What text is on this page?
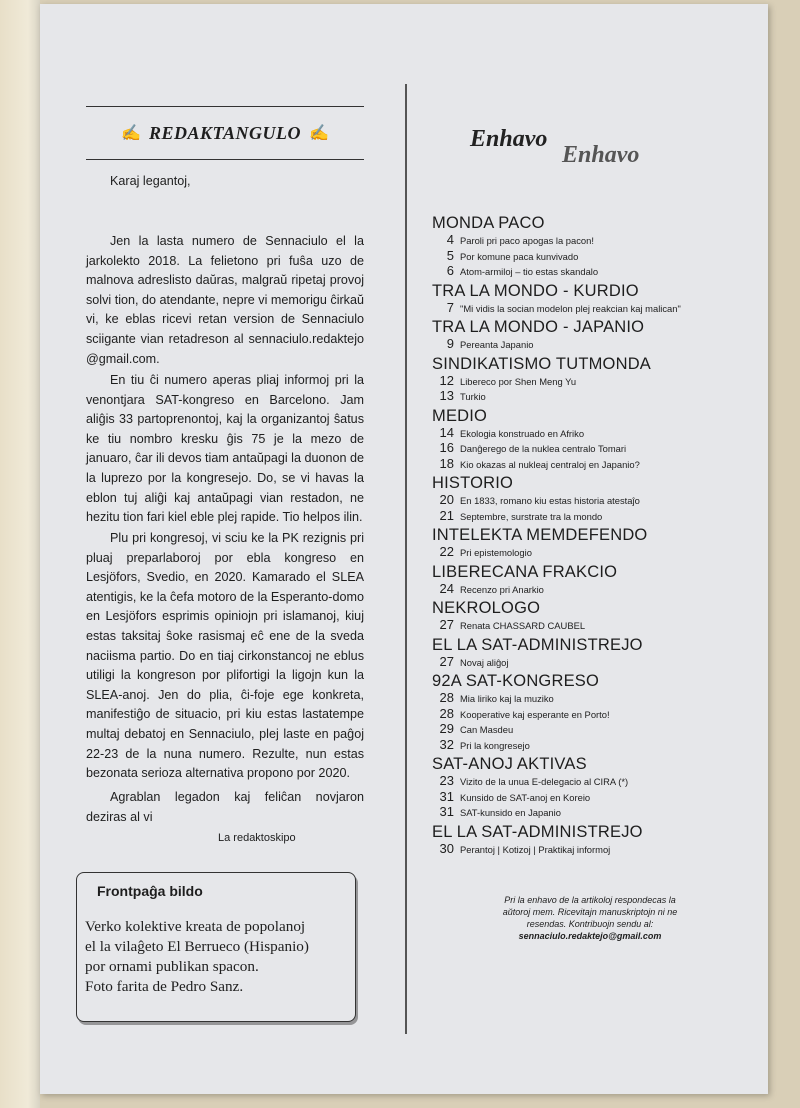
✍ REDAKTANGULO ✍
Karaj legantoj,
Jen la lasta numero de Sennaciulo el la jarkolekto 2018. La felietono pri fuŝa uzo de malnova adreslisto daŭras, malgraŭ ripetaj provoj solvi tion, do atendante, nepre vi memorigu ĉirkaŭ vi, ke eblas ricevi retan version de Sennaciulo sciigante vian retadreson al sennaciulo.redaktejo @gmail.com.
En tiu ĉi numero aperas pliaj informoj pri la venontjara SAT-kongreso en Barcelono. Jam aliĝis 33 partoprenontoj, kaj la organizantoj ŝatus ke tiu nombro kresku ĝis 75 je la mezo de januaro, ĉar ili devos tiam antaŭpagi la duonon de la luprezo por la kongresejo. Do, se vi havas la eblon tuj aliĝi kaj antaŭpagi vian restadon, ne hezitu tion fari kiel eble plej rapide. Tio helpos ilin.
Plu pri kongresoj, vi sciu ke la PK rezignis pri pluaj preparlaboroj por ebla kongreso en Lesjöfors, Svedio, en 2020. Kamarado el SLEA atentigis, ke la ĉefa motoro de la Esperanto-domo en Lesjöfors esprimis opiniojn pri islamanoj, kiuj estas taksitaj ŝoke rasismaj eĉ ene de la sveda naciisma partio. Do en tiaj cirkonstancoj ne eblus utiligi la kongreson por plifortigi la ligojn kun la SLEA-anoj. Jen do plia, ĉi-foje ege konkreta, manifestiĝo de situacio, pri kiu estas lastatempe multaj debatoj en Sennaciulo, plej laste en paĝoj 22-23 de la nuna numero. Rezulte, nun estas bezonata serioza alternativa propono por 2020.
Agrablan legadon kaj feliĉan novjaron deziras al vi
La redaktoskipo
Frontpaĝa bildo
Verko kolektive kreata de popolanoj
el la vilaĝeto El Berrueco (Hispanio)
por ornami publikan spacon.
Foto farita de Pedro Sanz.
Enhavo
Enhavo
MONDA PACO
4 Paroli pri paco apogas la pacon!
5 Por komune paca kunvivado
6 Atom-armiloj – tio estas skandalo
TRA LA MONDO - KURDIO
7 "Mi vidis la socian modelon plej reakcian kaj malican"
TRA LA MONDO - JAPANIO
9 Pereanta Japanio
SINDIKATISMO TUTMONDA
12 Libereco por Shen Meng Yu
13 Turkio
MEDIO
14 Ekologia konstruado en Afriko
16 Danĝerego de la nuklea centralo Tomari
18 Kio okazas al nukleaj centraloj en Japanio?
HISTORIO
20 En 1833, romano kiu estas historia atestaĵo
21 Septembre, surstrate tra la mondo
INTELEKTA MEMDEFENDO
22 Pri epistemologio
LIBERECANA FRAKCIO
24 Recenzo pri Anarkio
NEKROLOGO
27 Renata CHASSARD CAUBEL
EL LA SAT-ADMINISTREJO
27 Novaj aliĝoj
92A SAT-KONGRESO
28 Mia liriko kaj la muziko
28 Kooperative kaj esperante en Porto!
29 Can Masdeu
32 Pri la kongresejo
SAT-ANOJ AKTIVAS
23 Vizito de la unua E-delegacio al CIRA (*)
31 Kunsido de SAT-anoj en Koreio
31 SAT-kunsido en Japanio
EL LA SAT-ADMINISTREJO
30 Perantoj | Kotizoj | Praktikaj informoj
Pri la enhavo de la artikoloj respondecas la
aŭtoroj mem. Ricevitajn manuskriptojn ni ne
resendas. Kontribuojn sendu al:
sennaciulo.redaktejo@gmail.com
